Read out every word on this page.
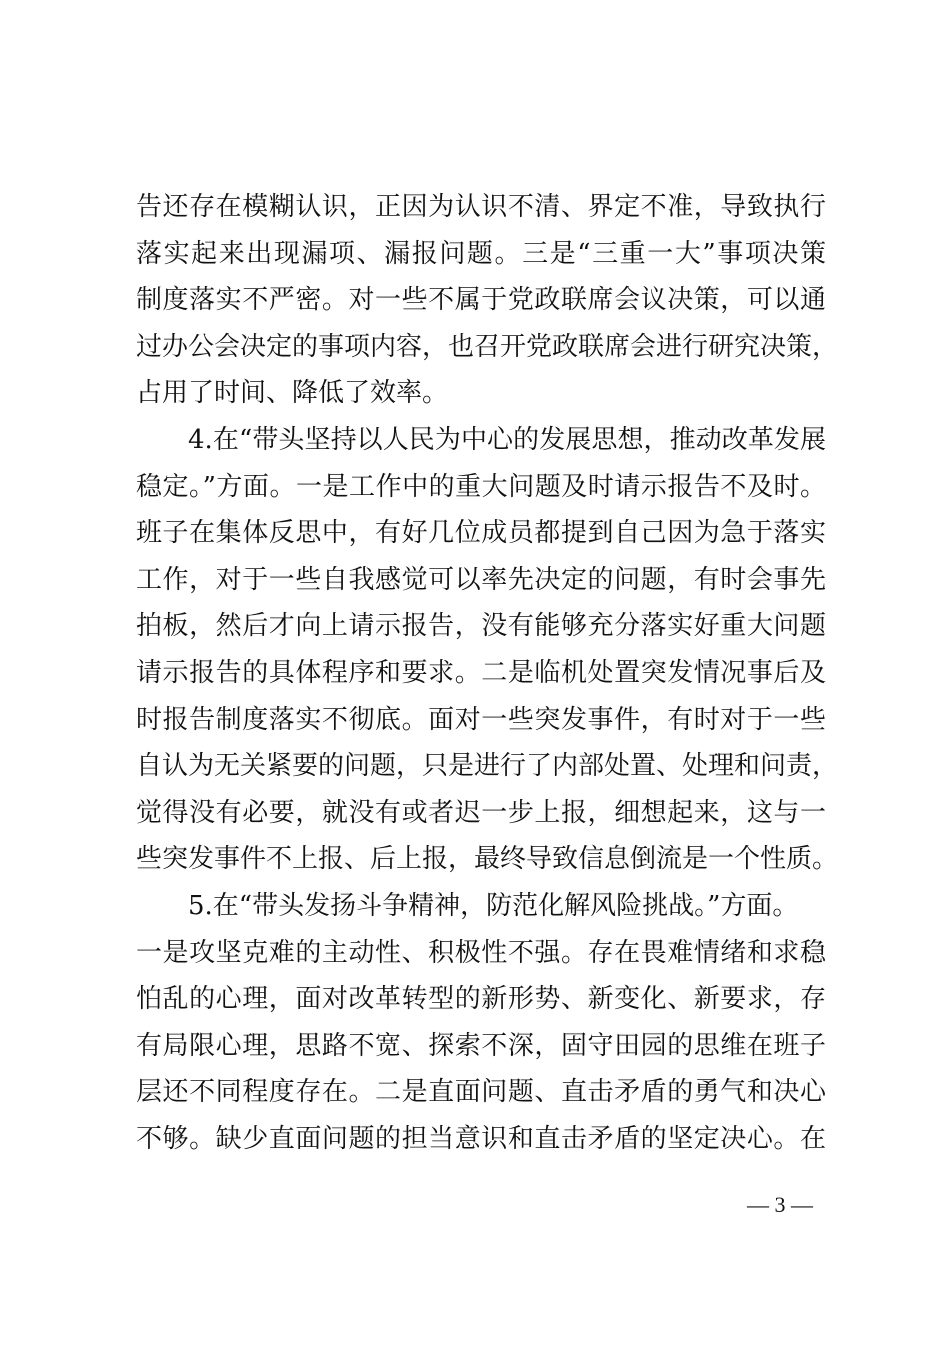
告还存在模糊认识，正因为认识不清、界定不准，导致执行
落实起来出现漏项、漏报问题。三是“三重一大”事项决策
制度落实不严密。对一些不属于党政联席会议决策，可以通
过办公会决定的事项内容，也召开党政联席会进行研究决策，
占用了时间、降低了效率。
4.在“带头坚持以人民为中心的发展思想，推动改革发展
稳定。”方面。一是工作中的重大问题及时请示报告不及时。
班子在集体反思中，有好几位成员都提到自己因为急于落实
工作，对于一些自我感觉可以率先决定的问题，有时会事先
拍板，然后才向上请示报告，没有能够充分落实好重大问题
请示报告的具体程序和要求。二是临机处置突发情况事后及
时报告制度落实不彻底。面对一些突发事件，有时对于一些
自认为无关紧要的问题，只是进行了内部处置、处理和问责，
觉得没有必要，就没有或者迟一步上报，细想起来，这与一
些突发事件不上报、后上报，最终导致信息倒流是一个性质。
5.在“带头发扬斗争精神，防范化解风险挑战。”方面。
一是攻坚克难的主动性、积极性不强。存在畏难情绪和求稳
怕乱的心理，面对改革转型的新形势、新变化、新要求，存
有局限心理，思路不宽、探索不深，固守田园的思维在班子
层还不同程度存在。二是直面问题、直击矛盾的勇气和决心
不够。缺少直面问题的担当意识和直击矛盾的坚定决心。在
— 3 —
